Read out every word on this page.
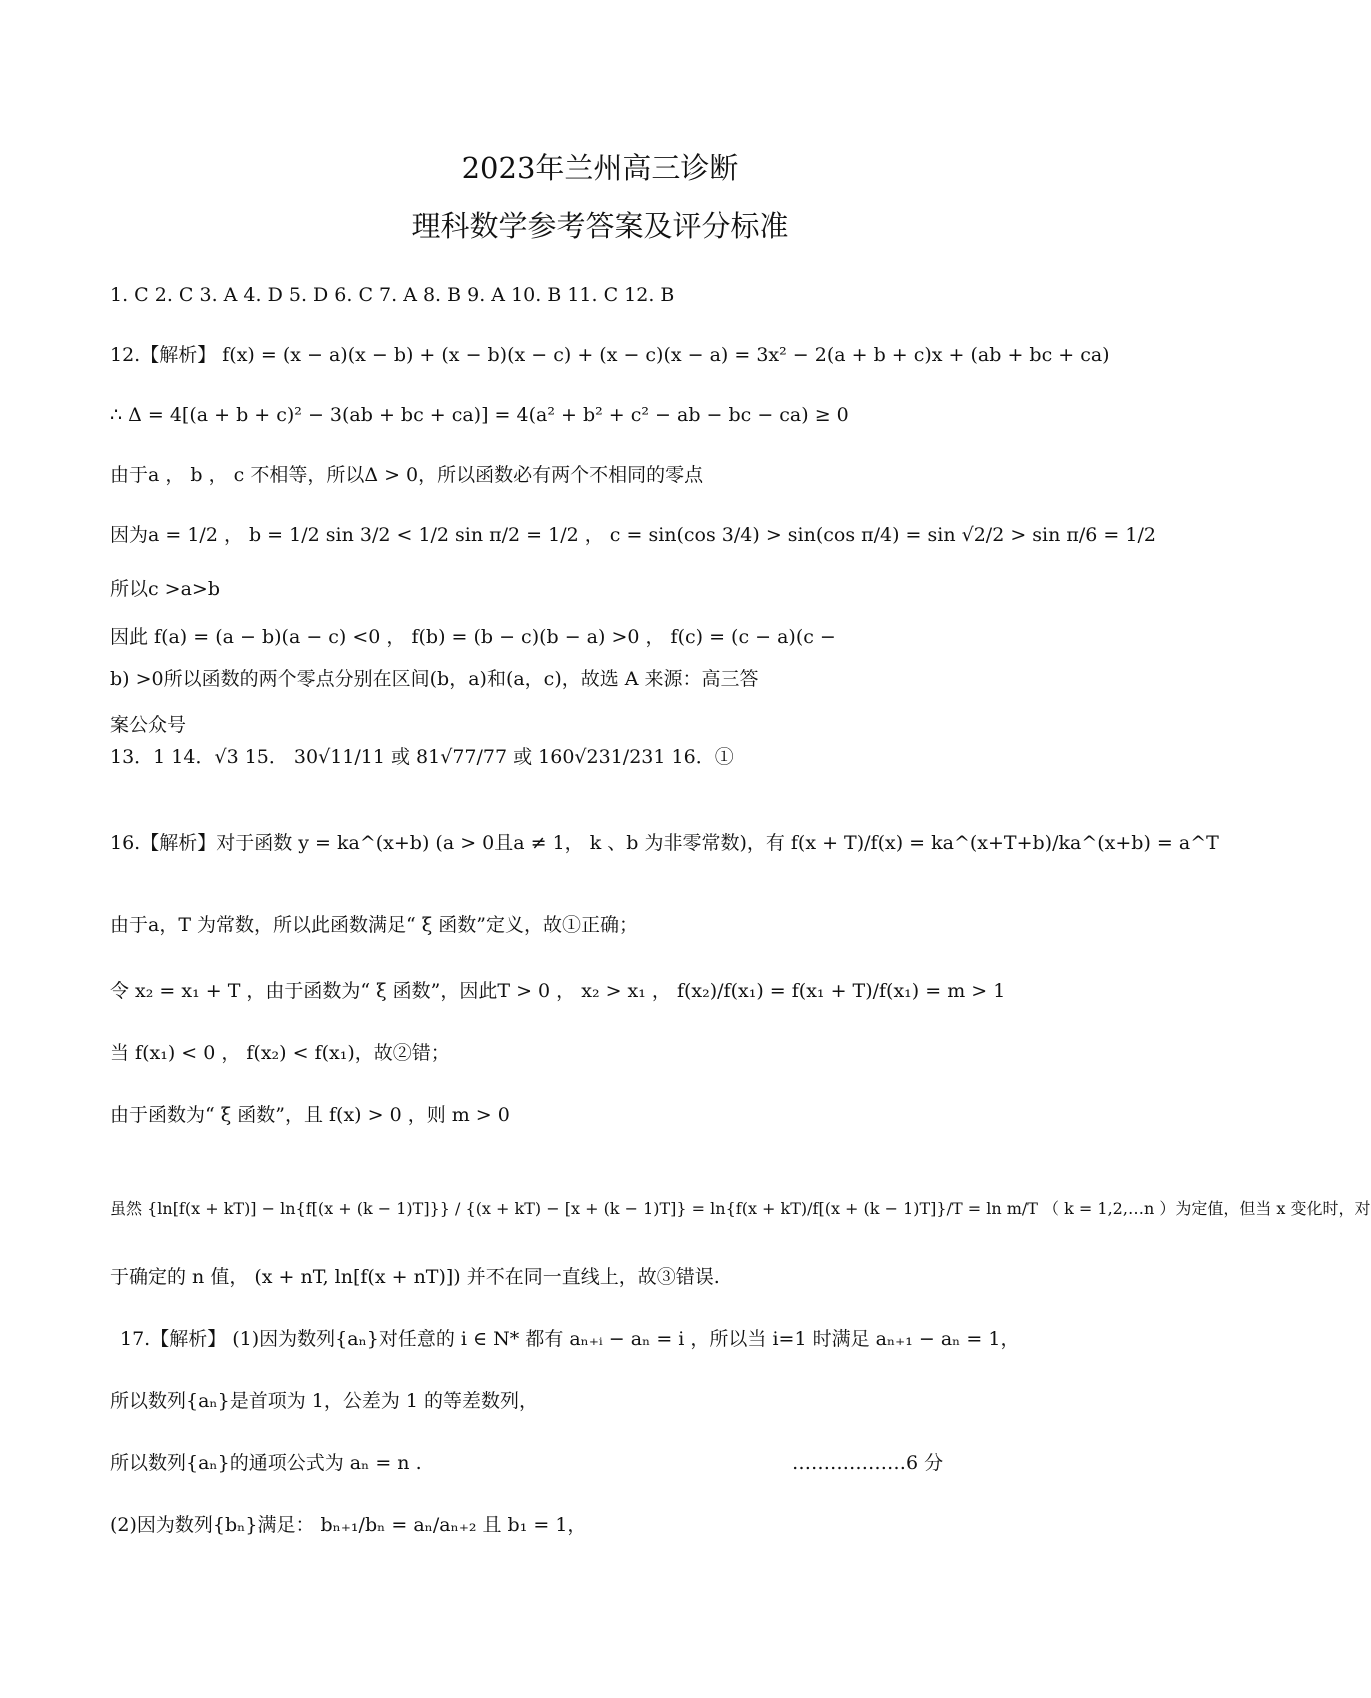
2023年兰州高三诊断
理科数学参考答案及评分标准
1. C 2. C 3. A 4. D 5. D 6. C 7. A 8. B 9. A 10. B 11. C 12. B
12.【解析】 f(x) = (x − a)(x − b) + (x − b)(x − c) + (x − c)(x − a) = 3x² − 2(a + b + c)x + (ab + bc + ca)
∴ Δ = 4[(a + b + c)² − 3(ab + bc + ca)] = 4(a² + b² + c² − ab − bc − ca) ≥ 0
由于a ， b ， c 不相等，所以Δ > 0，所以函数必有两个不相同的零点
因为a = 1/2 ， b = 1/2 sin 3/2 < 1/2 sin π/2 = 1/2 ， c = sin(cos 3/4) > sin(cos π/4) = sin √2/2 > sin π/6 = 1/2
所以c >a>b
因此 f(a) = (a − b)(a − c) <0 ， f(b) = (b − c)(b − a) >0 ， f(c) = (c − a)(c −
b) >0所以函数的两个零点分别在区间(b，a)和(a，c)，故选 A 来源：高三答
案公众号
13．1 14．√3 15． 30√11/11 或 81√77/77 或 160√231/231 16．①
16.【解析】对于函数 y = ka^(x+b) (a > 0且a ≠ 1， k 、b 为非零常数)，有 f(x + T)/f(x) = ka^(x+T+b)/ka^(x+b) = a^T
由于a，T 为常数，所以此函数满足“ ξ 函数”定义，故①正确；
令 x₂ = x₁ + T ，由于函数为“ ξ 函数”，因此T > 0 ， x₂ > x₁ ， f(x₂)/f(x₁) = f(x₁ + T)/f(x₁) = m > 1
当 f(x₁) < 0 ， f(x₂) < f(x₁)，故②错；
由于函数为“ ξ 函数”，且 f(x) > 0 ，则 m > 0
虽然 {ln[f(x + kT)] − ln{f[(x + (k − 1)T]}} / {(x + kT) − [x + (k − 1)T]} = ln{f(x + kT)/f[(x + (k − 1)T]}/T = ln m/T （ k = 1,2,…n ）为定值，但当 x 变化时，对
于确定的 n 值， (x + nT, ln[f(x + nT)]) 并不在同一直线上，故③错误.
17.【解析】 (1)因为数列{aₙ}对任意的 i ∈ N* 都有 aₙ₊ᵢ − aₙ = i ，所以当 i=1 时满足 aₙ₊₁ − aₙ = 1，
所以数列{aₙ}是首项为 1，公差为 1 的等差数列，
所以数列{aₙ}的通项公式为 aₙ = n .	………………6 分
(2)因为数列{bₙ}满足： bₙ₊₁/bₙ = aₙ/aₙ₊₂ 且 b₁ = 1，
